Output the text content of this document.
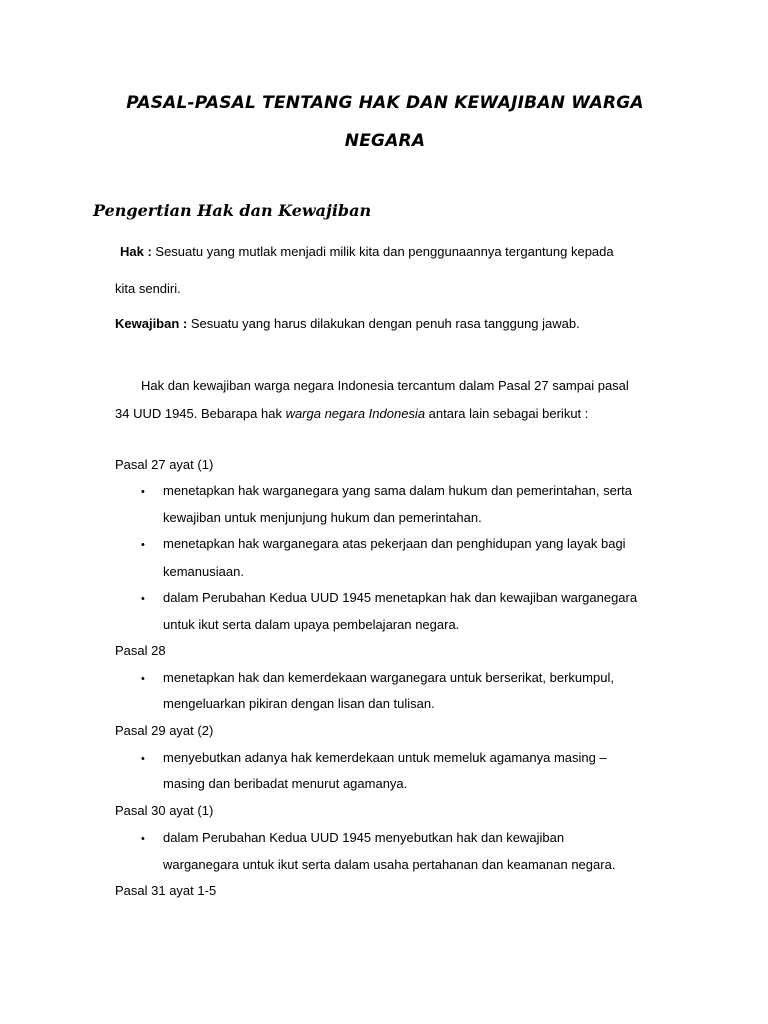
PASAL-PASAL TENTANG HAK DAN KEWAJIBAN WARGA
NEGARA
Pengertian Hak dan Kewajiban
Hak : Sesuatu yang mutlak menjadi milik kita dan penggunaannya tergantung kepada
kita sendiri.
Kewajiban : Sesuatu yang harus dilakukan dengan penuh rasa tanggung jawab.
Hak dan kewajiban warga negara Indonesia tercantum dalam Pasal 27 sampai pasal
34 UUD 1945. Bebarapa hak warga negara Indonesia antara lain sebagai berikut :
Pasal 27 ayat (1)
• menetapkan hak warganegara yang sama dalam hukum dan pemerintahan, serta
kewajiban untuk menjunjung hukum dan pemerintahan.
• menetapkan hak warganegara atas pekerjaan dan penghidupan yang layak bagi
kemanusiaan.
• dalam Perubahan Kedua UUD 1945 menetapkan hak dan kewajiban warganegara
untuk ikut serta dalam upaya pembelajaran negara.
Pasal 28
• menetapkan hak dan kemerdekaan warganegara untuk berserikat, berkumpul,
mengeluarkan pikiran dengan lisan dan tulisan.
Pasal 29 ayat (2)
• menyebutkan adanya hak kemerdekaan untuk memeluk agamanya masing –
masing dan beribadat menurut agamanya.
Pasal 30 ayat (1)
• dalam Perubahan Kedua UUD 1945 menyebutkan hak dan kewajiban
warganegara untuk ikut serta dalam usaha pertahanan dan keamanan negara.
Pasal 31 ayat 1-5
